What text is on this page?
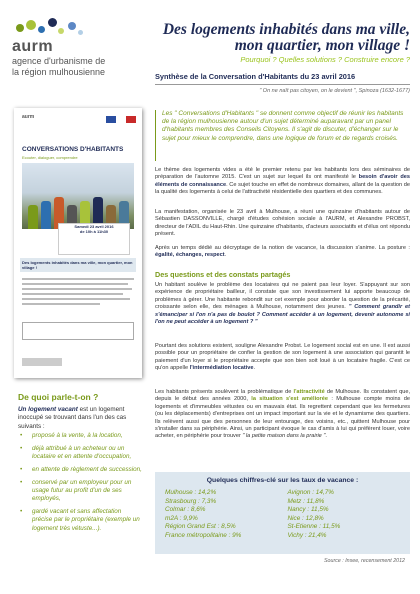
aurm
agence d'urbanisme de
la région mulhousienne
Des logements inhabités dans ma ville, mon quartier, mon village !
Pourquoi ? Quelles solutions ? Construire encore ?
Synthèse de la Conversation d'Habitants du 23 avril 2016
" On ne naît pas citoyen, on le devient ", Spinoza (1632-1677)
Les " Conversations d'Habitants " se donnent comme objectif de réunir les habitants de la région mulhousienne autour d'un sujet déterminé auparavant par un panel d'habitants membres des Conseils Citoyens. Il s'agit de discuter, d'échanger sur le sujet pour mieux le comprendre, dans une logique de forum et de regards croisés.
Le thème des logements vides a été le premier retenu par les habitants lors des séminaires de préparation de l'automne 2015. C'est un sujet sur lequel ils ont manifesté le besoin d'avoir des éléments de connaissance. Ce sujet touche en effet de nombreux domaines, allant de la question de la qualité des logements à celui de l'attractivité résidentielle des quartiers et des communes.
La manifestation, organisée le 23 avril à Mulhouse, a réuni une quinzaine d'habitants autour de Sébastien DASSONVILLE, chargé d'études cohésion sociale à l'AURM, et Alexandre PROBST, directeur de l'ADIL du Haut-Rhin. Une quinzaine d'habitants, d'acteurs associatifs et d'élus ont répondu présent.
Après un temps dédié au décryptage de la notion de vacance, la discussion s'anime. La posture : égalité, échanges, respect.
Des questions et des constats partagés
Un habitant soulève le problème des locataires qui ne paient pas leur loyer. S'appuyant sur son expérience de propriétaire bailleur, il constate que son investissement lui apporte beaucoup de problèmes à gérer. Une habitante rebondit sur cet exemple pour aborder la question de la précarité, croissante selon elle, des ménages à Mulhouse, notamment des jeunes. " Comment grandir et s'émanciper si l'on n'a pas de boulot ? Comment accéder à un logement, devenir autonome si l'on ne peut accéder à un logement ? "
Pourtant des solutions existent, souligne Alexandre Probst. Le logement social est en une. Il est aussi possible pour un propriétaire de confier la gestion de son logement à une association qui garantit le paiement d'un loyer si le propriétaire accepte que son bien soit loué à un locataire fragile. C'est ce qu'on appelle l'intermédiation locative.
Les habitants présents soulèvent la problématique de l'attractivité de Mulhouse. Ils constatent que, depuis le début des années 2000, la situation s'est améliorée : Mulhouse compte moins de logements et d'immeubles vétustes ou en mauvais état. Ils regrettent cependant que les fermetures (ou les déplacements) d'entreprises ont un impact important sur la vie et le dynamisme des quartiers. Ils relèvent aussi que des personnes de leur entourage, des voisins, etc., quittent Mulhouse pour s'installer dans sa périphérie. Ainsi, un participant évoque le cas d'amis à lui qui préfèrent louer, voire acheter, en périphérie pour trouver " la petite maison dans la prairie ".
Quelques chiffres-clé sur les taux de vacance :
Mulhouse : 14,2%	Avignon : 14,7%
Strasbourg : 7,3%	Metz : 11,8%
Colmar : 8,6%	Nancy : 11,5%
m2A : 9,9%	Nice : 12,8%
Région Grand Est : 8,5%	St-Etienne : 11,5%
France métropolitaine : 9%	Vichy : 21,4%
Source : Insee, recensement 2012
aurm
CONVERSATIONS D'HABITANTS
Ecouter, dialoguer, comprendre
Samedi 23 avril 2016
de 10h à 11h30
Des logements inhabités dans ma ville, mon quartier, mon village !
De quoi parle-t-on ?
Un logement vacant est un logement inoccupé se trouvant dans l'un des cas suivants :
• proposé à la vente, à la location,
• déjà attribué à un acheteur ou un locataire et en attente d'occupation,
• en attente de règlement de succession,
• conservé par un employeur pour un usage futur au profit d'un de ses employés,
• gardé vacant et sans affectation précise par le propriétaire (exemple un logement très vétuste...).
